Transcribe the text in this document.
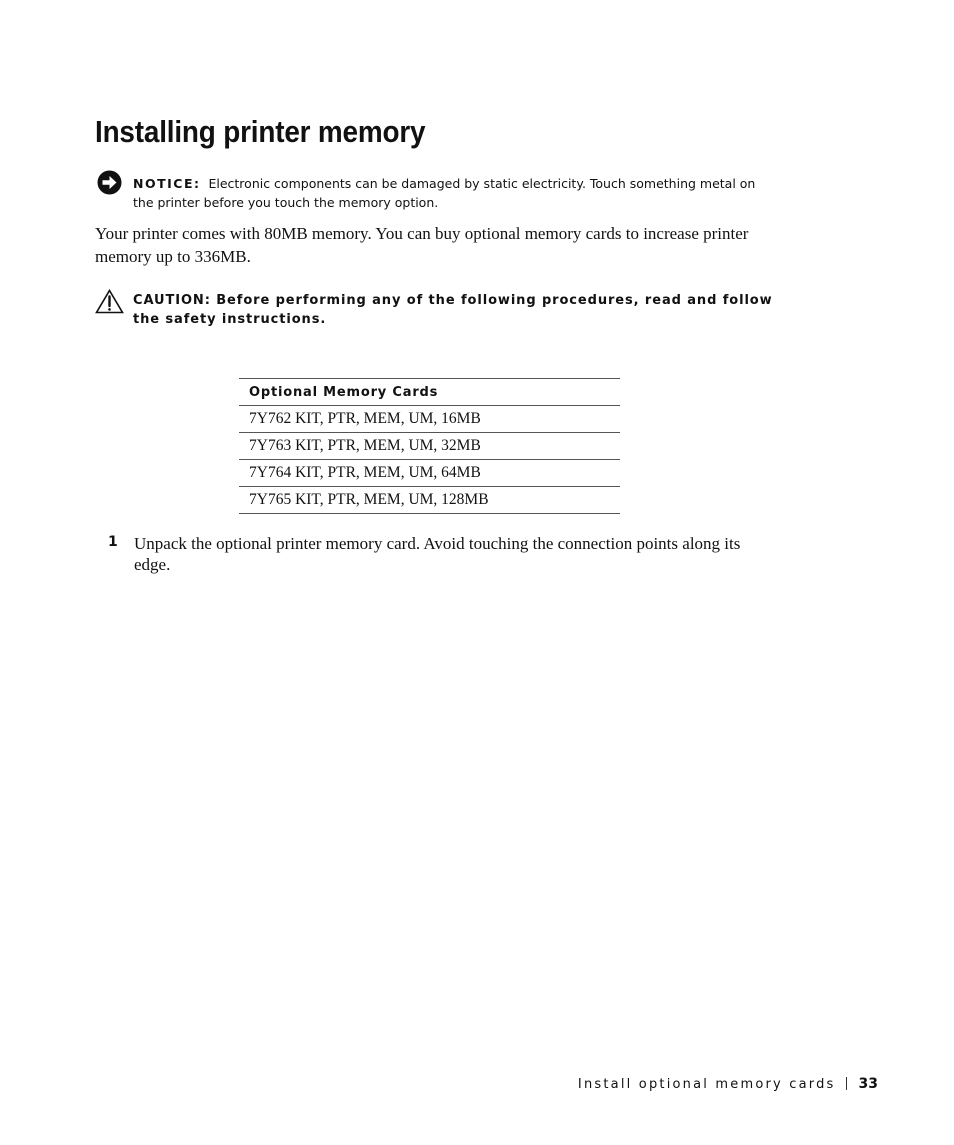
Installing printer memory
NOTICE: Electronic components can be damaged by static electricity. Touch something metal on the printer before you touch the memory option.

Your printer comes with 80MB memory. You can buy optional memory cards to increase printer memory up to 336MB.

CAUTION: Before performing any of the following procedures, read and follow the safety instructions.
Optional Memory Cards
7Y762 KIT, PTR, MEM, UM, 16MB
7Y763 KIT, PTR, MEM, UM, 32MB
7Y764 KIT, PTR, MEM, UM, 64MB
7Y765 KIT, PTR, MEM, UM, 128MB
1 Unpack the optional printer memory card. Avoid touching the connection points along its edge.

Install optional memory cards 33
